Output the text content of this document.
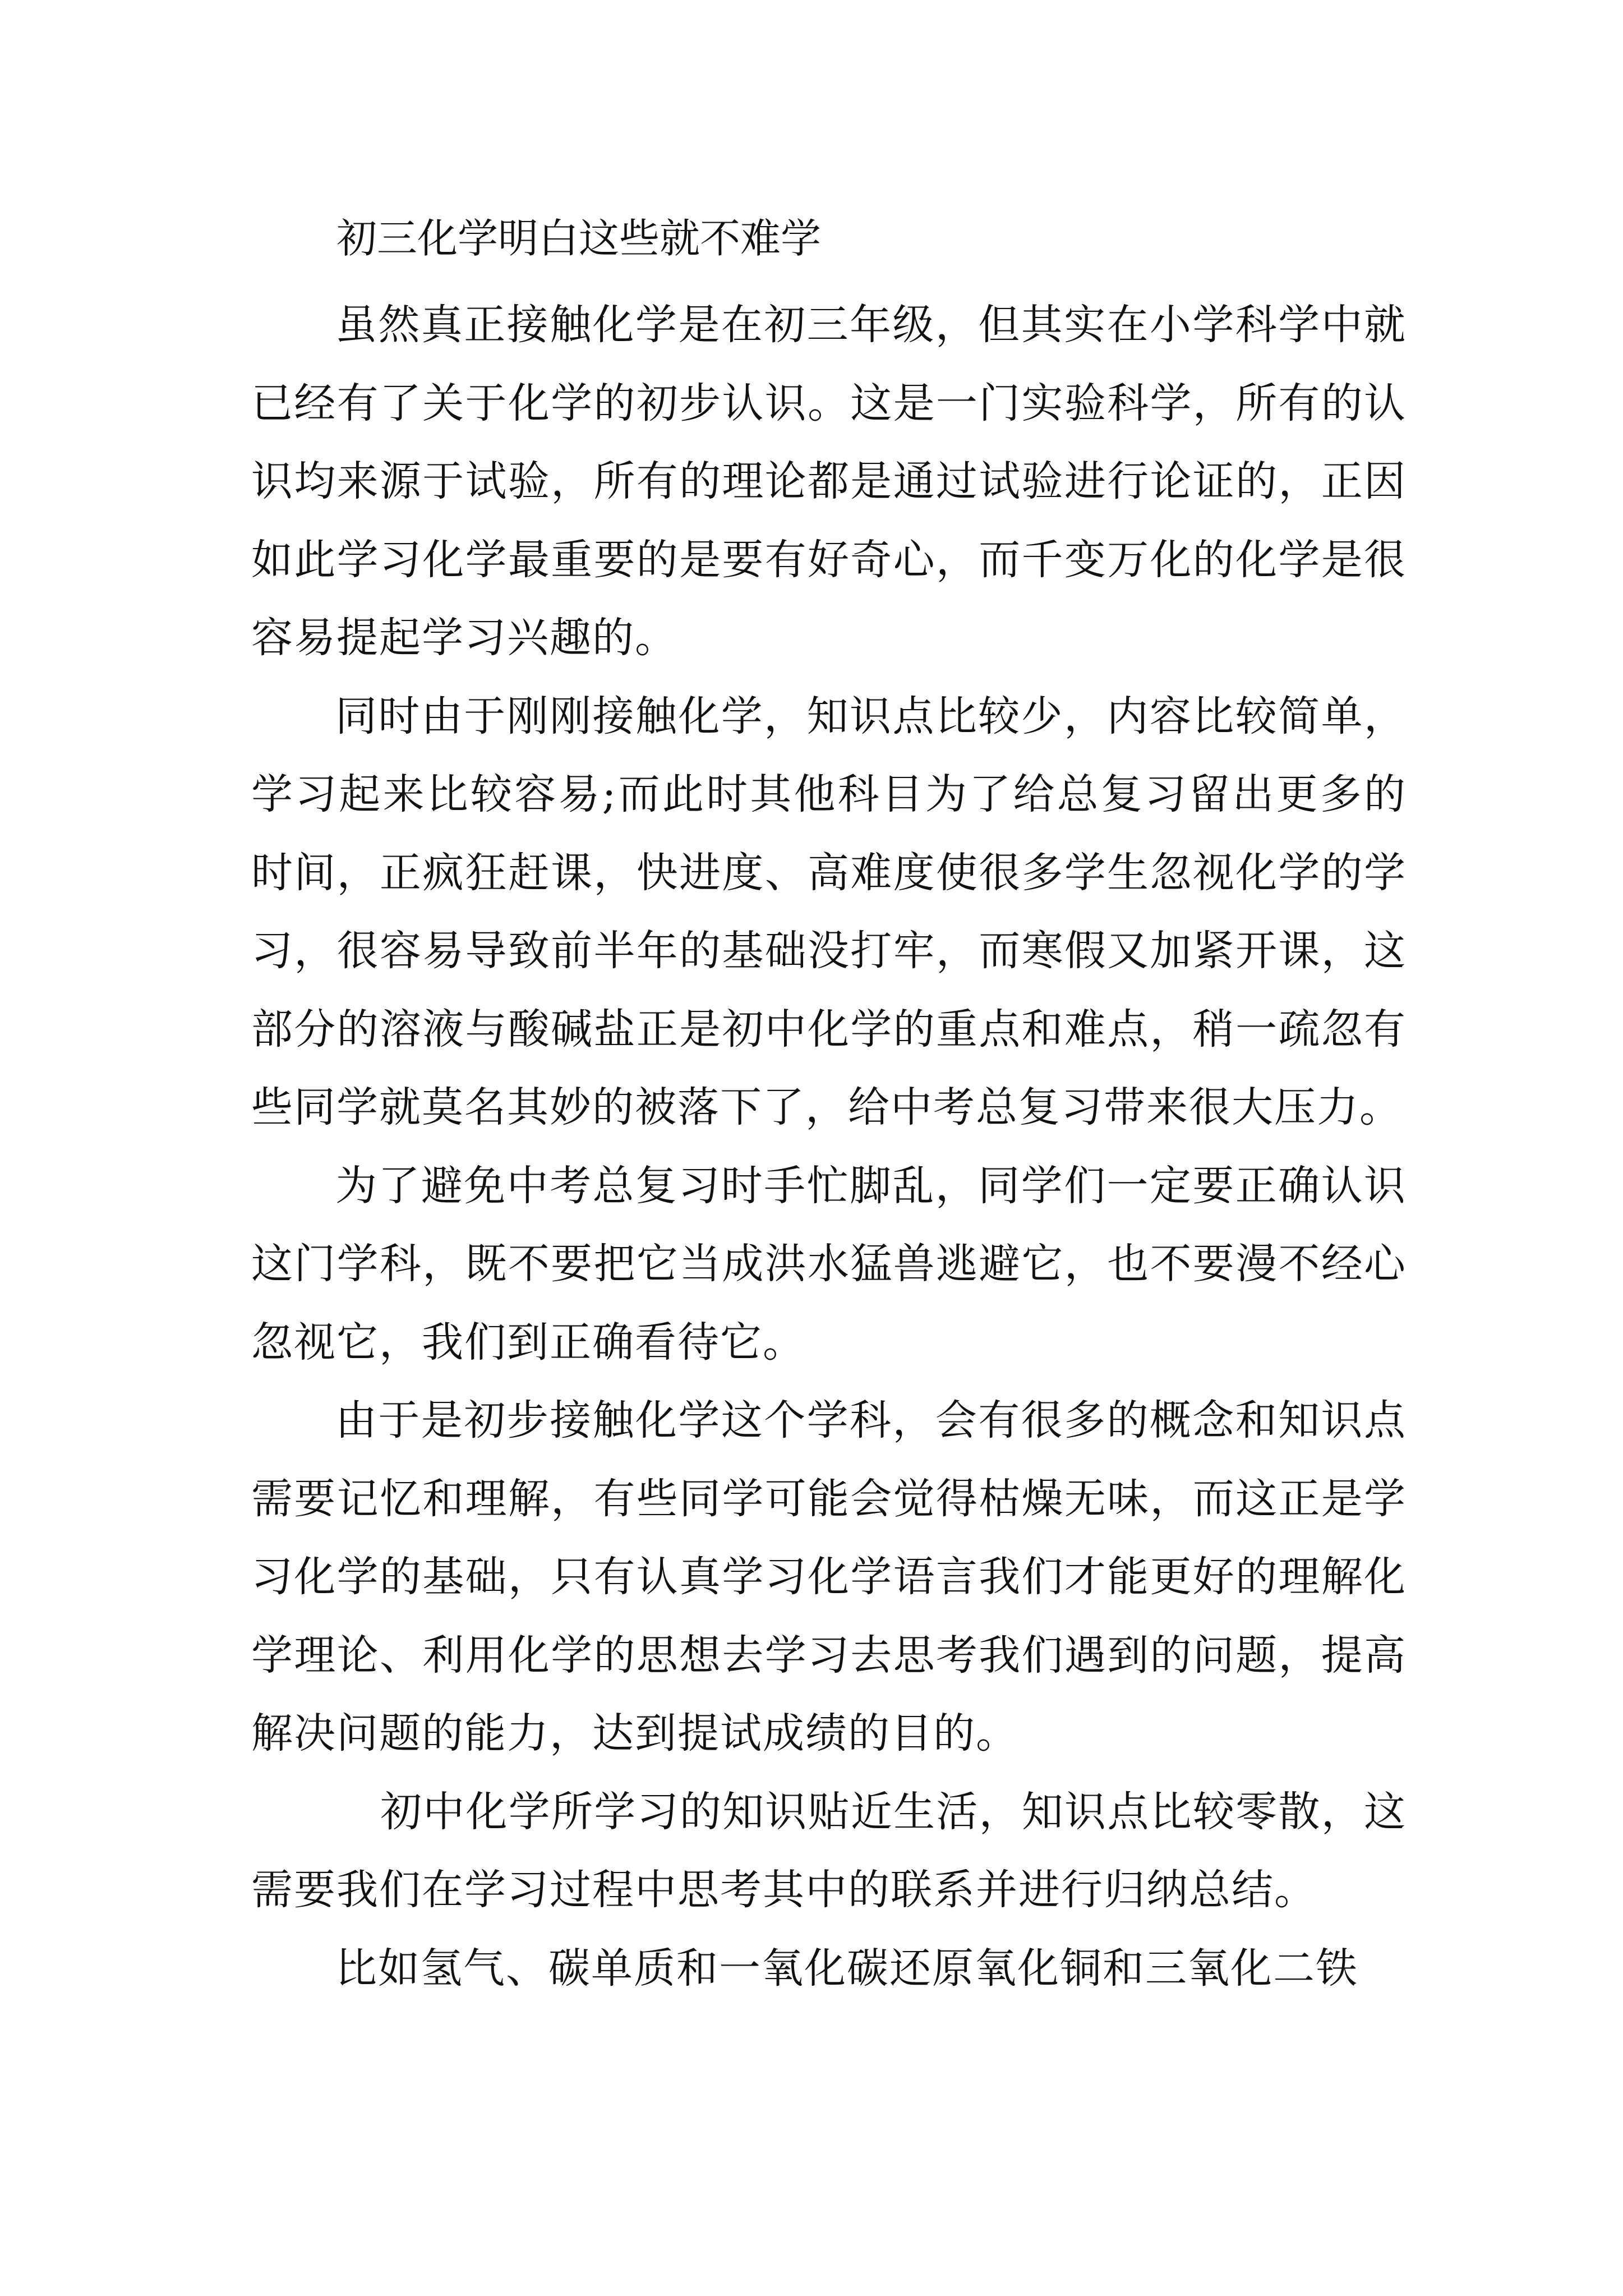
初三化学明白这些就不难学

虽然真正接触化学是在初三年级，但其实在小学科学中就已经有了关于化学的初步认识。这是一门实验科学，所有的认识均来源于试验，所有的理论都是通过试验进行论证的，正因如此学习化学最重要的是要有好奇心，而千变万化的化学是很容易提起学习兴趣的。

同时由于刚刚接触化学，知识点比较少，内容比较简单，学习起来比较容易;而此时其他科目为了给总复习留出更多的时间，正疯狂赶课，快进度、高难度使很多学生忽视化学的学习，很容易导致前半年的基础没打牢，而寒假又加紧开课，这部分的溶液与酸碱盐正是初中化学的重点和难点，稍一疏忽有些同学就莫名其妙的被落下了，给中考总复习带来很大压力。

为了避免中考总复习时手忙脚乱，同学们一定要正确认识这门学科，既不要把它当成洪水猛兽逃避它，也不要漫不经心忽视它，我们到正确看待它。

由于是初步接触化学这个学科，会有很多的概念和知识点需要记忆和理解，有些同学可能会觉得枯燥无味，而这正是学习化学的基础，只有认真学习化学语言我们才能更好的理解化学理论、利用化学的思想去学习去思考我们遇到的问题，提高解决问题的能力，达到提试成绩的目的。

初中化学所学习的知识贴近生活，知识点比较零散，这需要我们在学习过程中思考其中的联系并进行归纳总结。

比如氢气、碳单质和一氧化碳还原氧化铜和三氧化二铁
